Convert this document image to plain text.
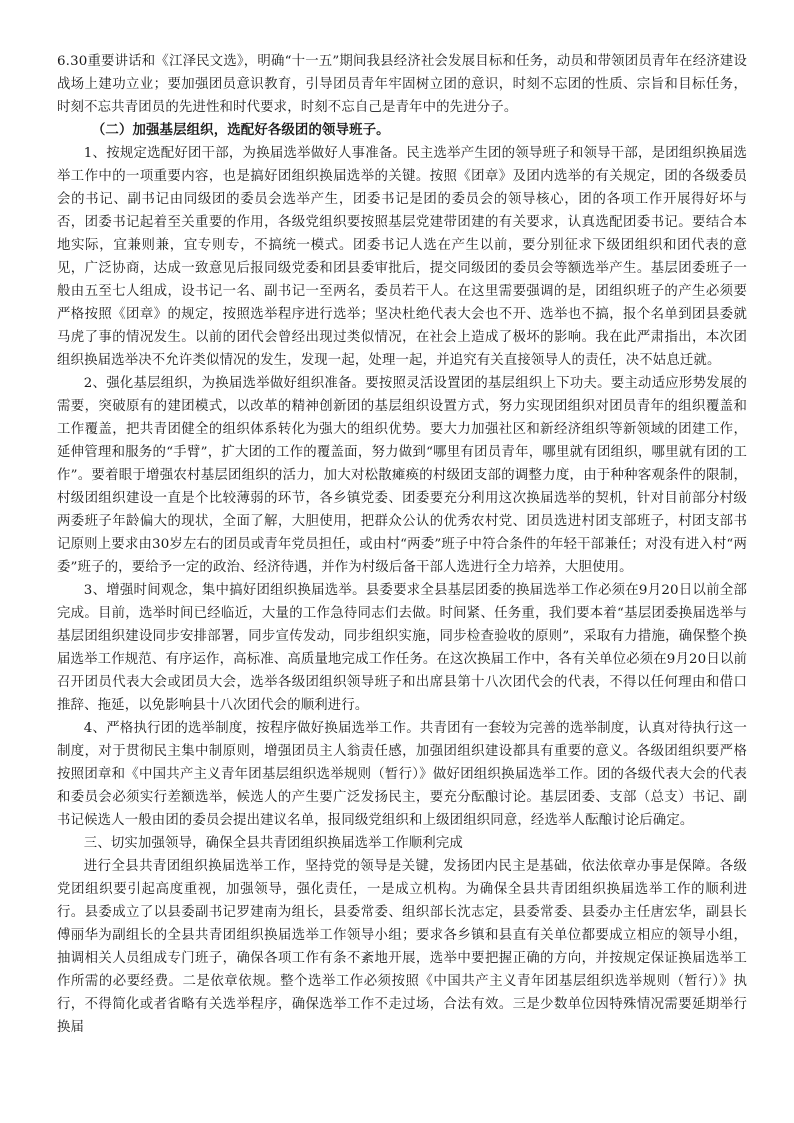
6.30重要讲话和《江泽民文选》，明确“十一五”期间我县经济社会发展目标和任务，动员和带领团员青年在经济建设战场上建功立业；要加强团员意识教育，引导团员青年牢固树立团的意识，时刻不忘团的性质、宗旨和目标任务，时刻不忘共青团员的先进性和时代要求，时刻不忘自己是青年中的先进分子。

（二）加强基层组织，选配好各级团的领导班子。

1、按规定选配好团干部，为换届选举做好人事准备。民主选举产生团的领导班子和领导干部，是团组织换届选举工作中的一项重要内容，也是搞好团组织换届选举的关键。按照《团章》及团内选举的有关规定，团的各级委员会的书记、副书记由同级团的委员会选举产生，团委书记是团的委员会的领导核心，团的各项工作开展得好坏与否，团委书记起着至关重要的作用，各级党组织要按照基层党建带团建的有关要求，认真选配团委书记。要结合本地实际，宜兼则兼，宜专则专，不搞统一模式。团委书记人选在产生以前，要分别征求下级团组织和团代表的意见，广泛协商，达成一致意见后报同级党委和团县委审批后，提交同级团的委员会等额选举产生。基层团委班子一般由五至七人组成，设书记一名、副书记一至两名，委员若干人。在这里需要强调的是，团组织班子的产生必须要严格按照《团章》的规定，按照选举程序进行选举；坚决杜绝代表大会也不开、选举也不搞，报个名单到团县委就马虎了事的情况发生。以前的团代会曾经出现过类似情况，在社会上造成了极坏的影响。我在此严肃指出，本次团组织换届选举决不允许类似情况的发生，发现一起，处理一起，并追究有关直接领导人的责任，决不姑息迁就。

2、强化基层组织，为换届选举做好组织准备。要按照灵活设置团的基层组织上下功夫。要主动适应形势发展的需要，突破原有的建团模式，以改革的精神创新团的基层组织设置方式，努力实现团组织对团员青年的组织覆盖和工作覆盖，把共青团健全的组织体系转化为强大的组织优势。要大力加强社区和新经济组织等新领域的团建工作，延伸管理和服务的“手臂”，扩大团的工作的覆盖面，努力做到“哪里有团员青年，哪里就有团组织，哪里就有团的工作”。要着眼于增强农村基层团组织的活力，加大对松散瘫痪的村级团支部的调整力度，由于种种客观条件的限制，村级团组织建设一直是个比较薄弱的环节，各乡镇党委、团委要充分利用这次换届选举的契机，针对目前部分村级两委班子年龄偏大的现状，全面了解，大胆使用，把群众公认的优秀农村党、团员选进村团支部班子，村团支部书记原则上要求由30岁左右的团员或青年党员担任，或由村“两委”班子中符合条件的年轻干部兼任；对没有进入村“两委”班子的，要给予一定的政治、经济待遇，并作为村级后备干部人选进行全力培养，大胆使用。

3、增强时间观念，集中搞好团组织换届选举。县委要求全县基层团委的换届选举工作必须在9月20日以前全部完成。目前，选举时间已经临近，大量的工作急待同志们去做。时间紧、任务重，我们要本着“基层团委换届选举与基层团组织建设同步安排部署，同步宣传发动，同步组织实施，同步检查验收的原则”，采取有力措施，确保整个换届选举工作规范、有序运作，高标准、高质量地完成工作任务。在这次换届工作中，各有关单位必须在9月20日以前召开团员代表大会或团员大会，选举各级团组织领导班子和出席县第十八次团代会的代表，不得以任何理由和借口推辞、拖延，以免影响县十八次团代会的顺利进行。

4、严格执行团的选举制度，按程序做好换届选举工作。共青团有一套较为完善的选举制度，认真对待执行这一制度，对于贯彻民主集中制原则，增强团员主人翁责任感，加强团组织建设都具有重要的意义。各级团组织要严格按照团章和《中国共产主义青年团基层组织选举规则（暂行）》做好团组织换届选举工作。团的各级代表大会的代表和委员会必须实行差额选举，候选人的产生要广泛发扬民主，要充分酝酿讨论。基层团委、支部（总支）书记、副书记候选人一般由团的委员会提出建议名单，报同级党组织和上级团组织同意，经选举人酝酿讨论后确定。

三、切实加强领导，确保全县共青团组织换届选举工作顺利完成

进行全县共青团组织换届选举工作，坚持党的领导是关键，发扬团内民主是基础，依法依章办事是保障。各级党团组织要引起高度重视，加强领导，强化责任，一是成立机构。为确保全县共青团组织换届选举工作的顺利进行。县委成立了以县委副书记罗建南为组长，县委常委、组织部长沈志定，县委常委、县委办主任唐宏华，副县长傅丽华为副组长的全县共青团组织换届选举工作领导小组；要求各乡镇和县直有关单位都要成立相应的领导小组，抽调相关人员组成专门班子，确保各项工作有条不紊地开展，选举中要把握正确的方向，并按规定保证换届选举工作所需的必要经费。二是依章依规。整个选举工作必须按照《中国共产主义青年团基层组织选举规则（暂行）》执行，不得简化或者省略有关选举程序，确保选举工作不走过场，合法有效。三是少数单位因特殊情况需要延期举行换届
